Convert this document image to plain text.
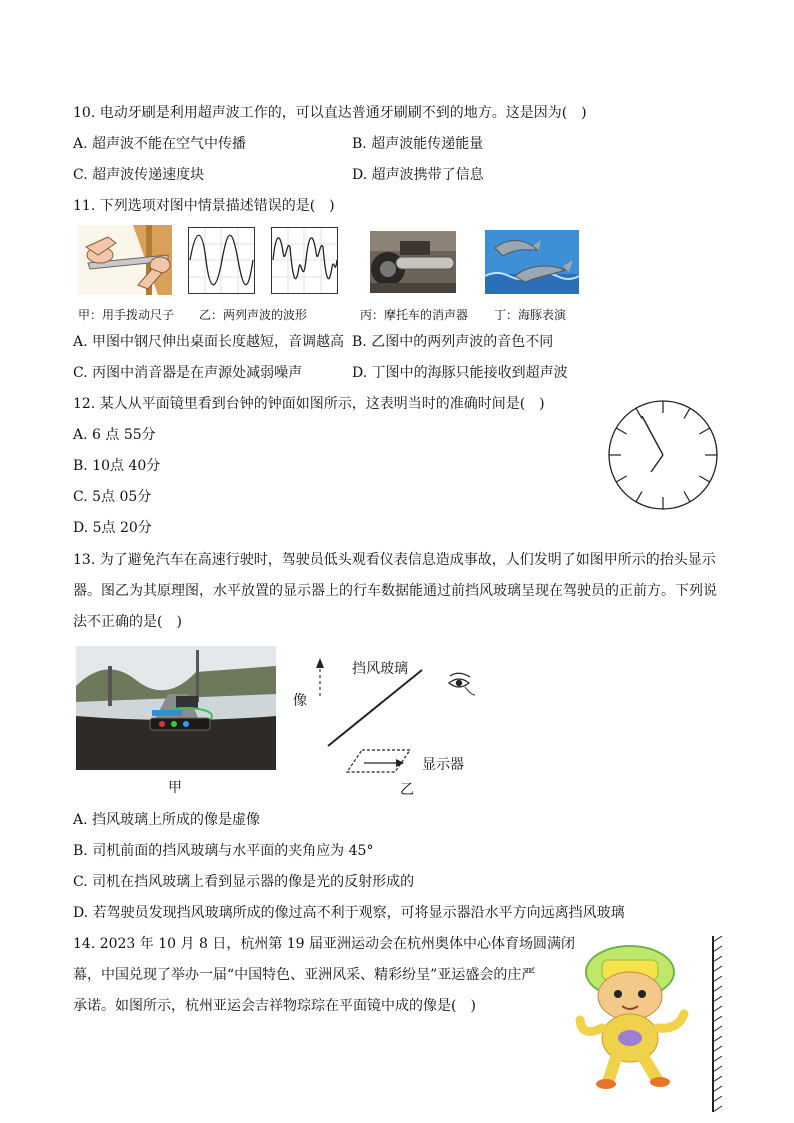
10. 电动牙刷是利用超声波工作的，可以直达普通牙刷刷不到的地方。这是因为(　)
A. 超声波不能在空气中传播	B. 超声波能传递能量
C. 超声波传递速度块	D. 超声波携带了信息
11. 下列选项对图中情景描述错误的是(　)
甲：用手拨动尺子 乙：两列声波的波形	丙：摩托车的消声器 丁：海豚表演
A. 甲图中钢尺伸出桌面长度越短，音调越高 B. 乙图中的两列声波的音色不同
C. 丙图中消音器是在声源处减弱噪声	D. 丁图中的海豚只能接收到超声波
12. 某人从平面镜里看到台钟的钟面如图所示，这表明当时的准确时间是(　)
A. 6 点 55分
B. 10点 40分
C. 5点 05分
D. 5点 20分
13. 为了避免汽车在高速行驶时，驾驶员低头观看仪表信息造成事故，人们发明了如图甲所示的抬头显示
器。图乙为其原理图，水平放置的显示器上的行车数据能通过前挡风玻璃呈现在驾驶员的正前方。下列说
法不正确的是(　)
甲
像
挡风玻璃
显示器
乙
A. 挡风玻璃上所成的像是虚像
B. 司机前面的挡风玻璃与水平面的夹角应为 45°
C. 司机在挡风玻璃上看到显示器的像是光的反射形成的
D. 若驾驶员发现挡风玻璃所成的像过高不利于观察，可将显示器沿水平方向远离挡风玻璃
14. 2023 年 10 月 8 日，杭州第 19 届亚洲运动会在杭州奥体中心体育场圆满闭
幕，中国兑现了举办一届“中国特色、亚洲风采、精彩纷呈”亚运盛会的庄严
承诺。如图所示，杭州亚运会吉祥物琮琮在平面镜中成的像是(　)
